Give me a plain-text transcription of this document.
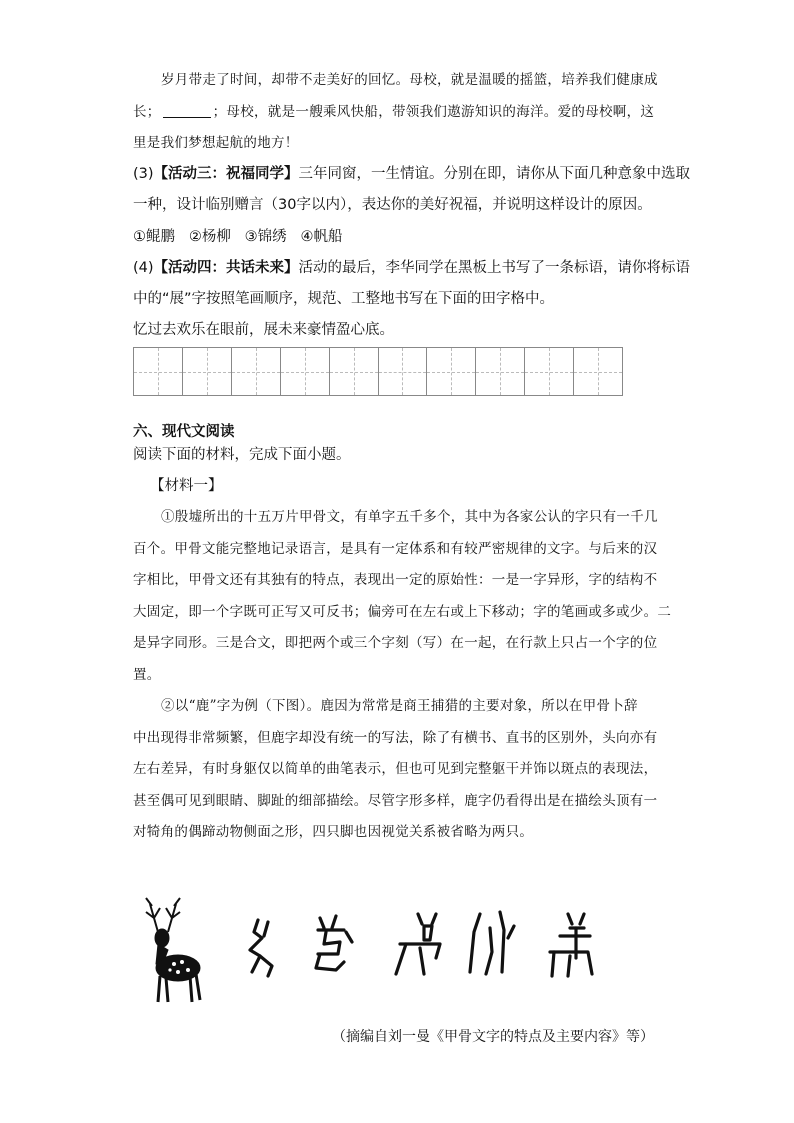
岁月带走了时间，却带不走美好的回忆。母校，就是温暖的摇篮，培养我们健康成
长；	；母校，就是一艘乘风快船，带领我们遨游知识的海洋。爱的母校啊，这
里是我们梦想起航的地方！
(3)【活动三：祝福同学】三年同窗，一生情谊。分别在即，请你从下面几种意象中选取
一种，设计临别赠言（30字以内），表达你的美好祝福，并说明这样设计的原因。
①鲲鹏 ②杨柳 ③锦绣 ④帆船
(4)【活动四：共话未来】活动的最后，李华同学在黑板上书写了一条标语，请你将标语
中的“展”字按照笔画顺序，规范、工整地书写在下面的田字格中。
忆过去欢乐在眼前，展未来豪情盈心底。
六、现代文阅读
阅读下面的材料，完成下面小题。
【材料一】
①殷墟所出的十五万片甲骨文，有单字五千多个，其中为各家公认的字只有一千几
百个。甲骨文能完整地记录语言，是具有一定体系和有较严密规律的文字。与后来的汉
字相比，甲骨文还有其独有的特点，表现出一定的原始性：一是一字异形，字的结构不
大固定，即一个字既可正写又可反书；偏旁可在左右或上下移动；字的笔画或多或少。二
是异字同形。三是合文，即把两个或三个字刻（写）在一起，在行款上只占一个字的位
置。
②以“鹿”字为例（下图）。鹿因为常常是商王捕猎的主要对象，所以在甲骨卜辞
中出现得非常频繁，但鹿字却没有统一的写法，除了有横书、直书的区别外，头向亦有
左右差异，有时身躯仅以简单的曲笔表示，但也可见到完整躯干并饰以斑点的表现法，
甚至偶可见到眼睛、脚趾的细部描绘。尽管字形多样，鹿字仍看得出是在描绘头顶有一
对犄角的偶蹄动物侧面之形，四只脚也因视觉关系被省略为两只。
（摘编自刘一曼《甲骨文字的特点及主要内容》等）
